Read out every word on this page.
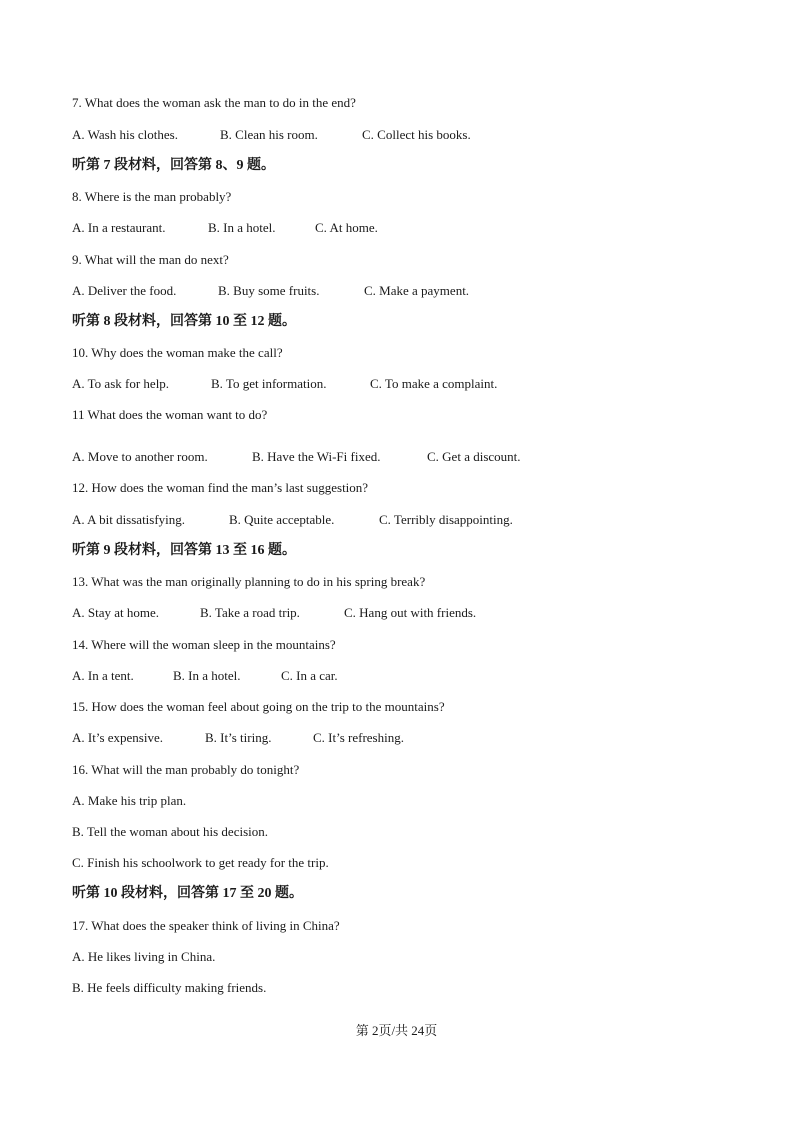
7. What does the woman ask the man to do in the end?
A. Wash his clothes.	B. Clean his room.	C. Collect his books.
听第 7 段材料，回答第 8、9 题。
8. Where is the man probably?
A. In a restaurant.	B. In a hotel.	C. At home.
9. What will the man do next?
A. Deliver the food.	B. Buy some fruits.	C. Make a payment.
听第 8 段材料，回答第 10 至 12 题。
10. Why does the woman make the call?
A. To ask for help.	B. To get information.	C. To make a complaint.
11 What does the woman want to do?
A. Move to another room.	B. Have the Wi-Fi fixed.	C. Get a discount.
12. How does the woman find the man’s last suggestion?
A. A bit dissatisfying.	B. Quite acceptable.	C. Terribly disappointing.
听第 9 段材料，回答第 13 至 16 题。
13. What was the man originally planning to do in his spring break?
A. Stay at home.	B. Take a road trip.	C. Hang out with friends.
14. Where will the woman sleep in the mountains?
A. In a tent.	B. In a hotel.	C. In a car.
15. How does the woman feel about going on the trip to the mountains?
A. It’s expensive.	B. It’s tiring.	C. It’s refreshing.
16. What will the man probably do tonight?
A. Make his trip plan.
B. Tell the woman about his decision.
C. Finish his schoolwork to get ready for the trip.
听第 10 段材料，回答第 17 至 20 题。
17. What does the speaker think of living in China?
A. He likes living in China.
B. He feels difficulty making friends.
第 2页/共 24页
